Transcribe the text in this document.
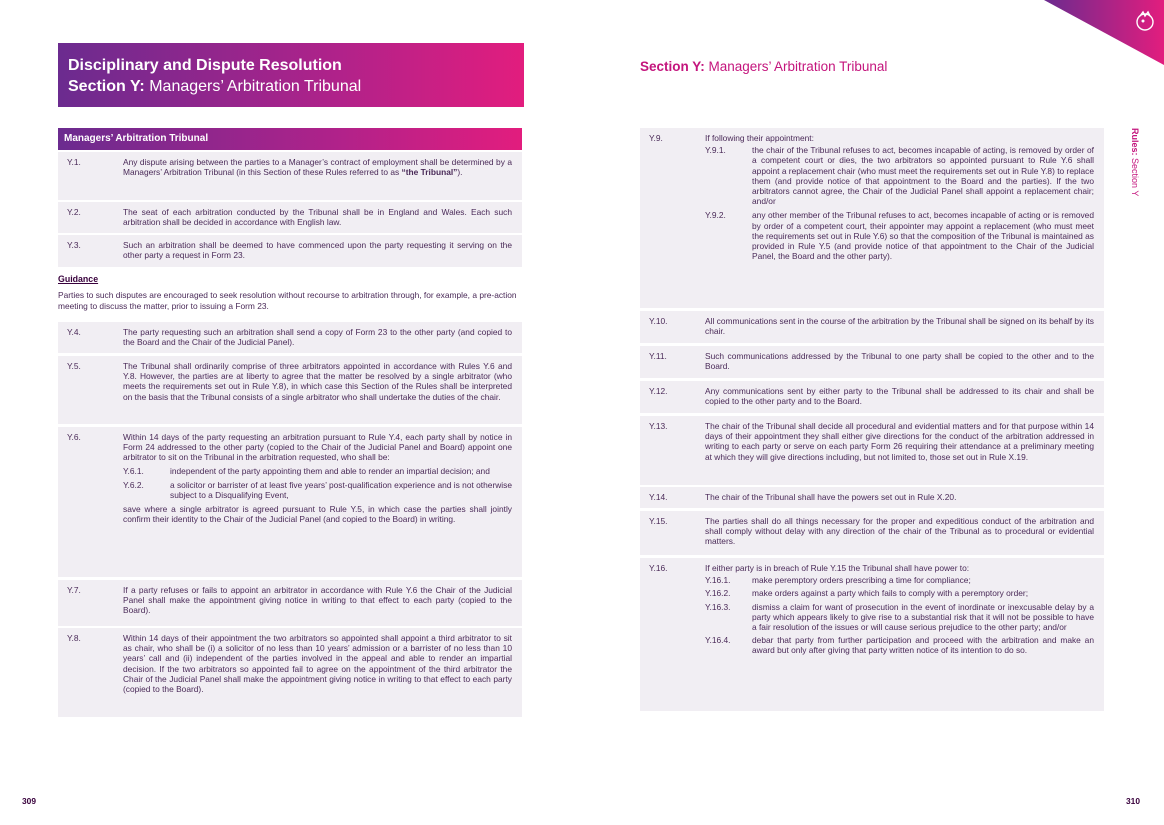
Disciplinary and Dispute Resolution
Section Y: Managers’ Arbitration Tribunal
Managers’ Arbitration Tribunal
Y.1.	Any dispute arising between the parties to a Manager’s contract of employment shall be determined by a Managers’ Arbitration Tribunal (in this Section of these Rules referred to as “the Tribunal”).
Y.2.	The seat of each arbitration conducted by the Tribunal shall be in England and Wales. Each such arbitration shall be decided in accordance with English law.
Y.3.	Such an arbitration shall be deemed to have commenced upon the party requesting it serving on the other party a request in Form 23.
Guidance
Parties to such disputes are encouraged to seek resolution without recourse to arbitration through, for example, a pre-action meeting to discuss the matter, prior to issuing a Form 23.
Y.4.	The party requesting such an arbitration shall send a copy of Form 23 to the other party (and copied to the Board and the Chair of the Judicial Panel).
Y.5.	The Tribunal shall ordinarily comprise of three arbitrators appointed in accordance with Rules Y.6 and Y.8. However, the parties are at liberty to agree that the matter be resolved by a single arbitrator (who meets the requirements set out in Rule Y.8), in which case this Section of the Rules shall be interpreted on the basis that the Tribunal consists of a single arbitrator who shall undertake the duties of the chair.
Y.6.	Within 14 days of the party requesting an arbitration pursuant to Rule Y.4, each party shall by notice in Form 24 addressed to the other party (copied to the Chair of the Judicial Panel and Board) appoint one arbitrator to sit on the Tribunal in the arbitration requested, who shall be:
Y.6.1.	independent of the party appointing them and able to render an impartial decision; and
Y.6.2.	a solicitor or barrister of at least five years’ post-qualification experience and is not otherwise subject to a Disqualifying Event,
save where a single arbitrator is agreed pursuant to Rule Y.5, in which case the parties shall jointly confirm their identity to the Chair of the Judicial Panel (and copied to the Board) in writing.
Y.7.	If a party refuses or fails to appoint an arbitrator in accordance with Rule Y.6 the Chair of the Judicial Panel shall make the appointment giving notice in writing to that effect to each party (copied to the Board).
Y.8.	Within 14 days of their appointment the two arbitrators so appointed shall appoint a third arbitrator to sit as chair, who shall be (i) a solicitor of no less than 10 years’ admission or a barrister of no less than 10 years’ call and (ii) independent of the parties involved in the appeal and able to render an impartial decision. If the two arbitrators so appointed fail to agree on the appointment of the third arbitrator the Chair of the Judicial Panel shall make the appointment giving notice in writing to that effect to each party (copied to the Board).
309
Section Y: Managers’ Arbitration Tribunal
Rules: Section Y
Y.9.	If following their appointment:
Y.9.1.	the chair of the Tribunal refuses to act, becomes incapable of acting, is removed by order of a competent court or dies, the two arbitrators so appointed pursuant to Rule Y.6 shall appoint a replacement chair (who must meet the requirements set out in Rule Y.8) to replace them (and provide notice of that appointment to the Board and the parties). If the two arbitrators cannot agree, the Chair of the Judicial Panel shall appoint a replacement chair; and/or
Y.9.2.	any other member of the Tribunal refuses to act, becomes incapable of acting or is removed by order of a competent court, their appointer may appoint a replacement (who must meet the requirements set out in Rule Y.6) so that the composition of the Tribunal is maintained as provided in Rule Y.5 (and provide notice of that appointment to the Chair of the Judicial Panel, the Board and the other party).
Y.10.	All communications sent in the course of the arbitration by the Tribunal shall be signed on its behalf by its chair.
Y.11.	Such communications addressed by the Tribunal to one party shall be copied to the other and to the Board.
Y.12.	Any communications sent by either party to the Tribunal shall be addressed to its chair and shall be copied to the other party and to the Board.
Y.13.	The chair of the Tribunal shall decide all procedural and evidential matters and for that purpose within 14 days of their appointment they shall either give directions for the conduct of the arbitration addressed in writing to each party or serve on each party Form 26 requiring their attendance at a preliminary meeting at which they will give directions including, but not limited to, those set out in Rule X.19.
Y.14.	The chair of the Tribunal shall have the powers set out in Rule X.20.
Y.15.	The parties shall do all things necessary for the proper and expeditious conduct of the arbitration and shall comply without delay with any direction of the chair of the Tribunal as to procedural or evidential matters.
Y.16.	If either party is in breach of Rule Y.15 the Tribunal shall have power to:
Y.16.1.	make peremptory orders prescribing a time for compliance;
Y.16.2.	make orders against a party which fails to comply with a peremptory order;
Y.16.3.	dismiss a claim for want of prosecution in the event of inordinate or inexcusable delay by a party which appears likely to give rise to a substantial risk that it will not be possible to have a fair resolution of the issues or will cause serious prejudice to the other party; and/or
Y.16.4.	debar that party from further participation and proceed with the arbitration and make an award but only after giving that party written notice of its intention to do so.
310
